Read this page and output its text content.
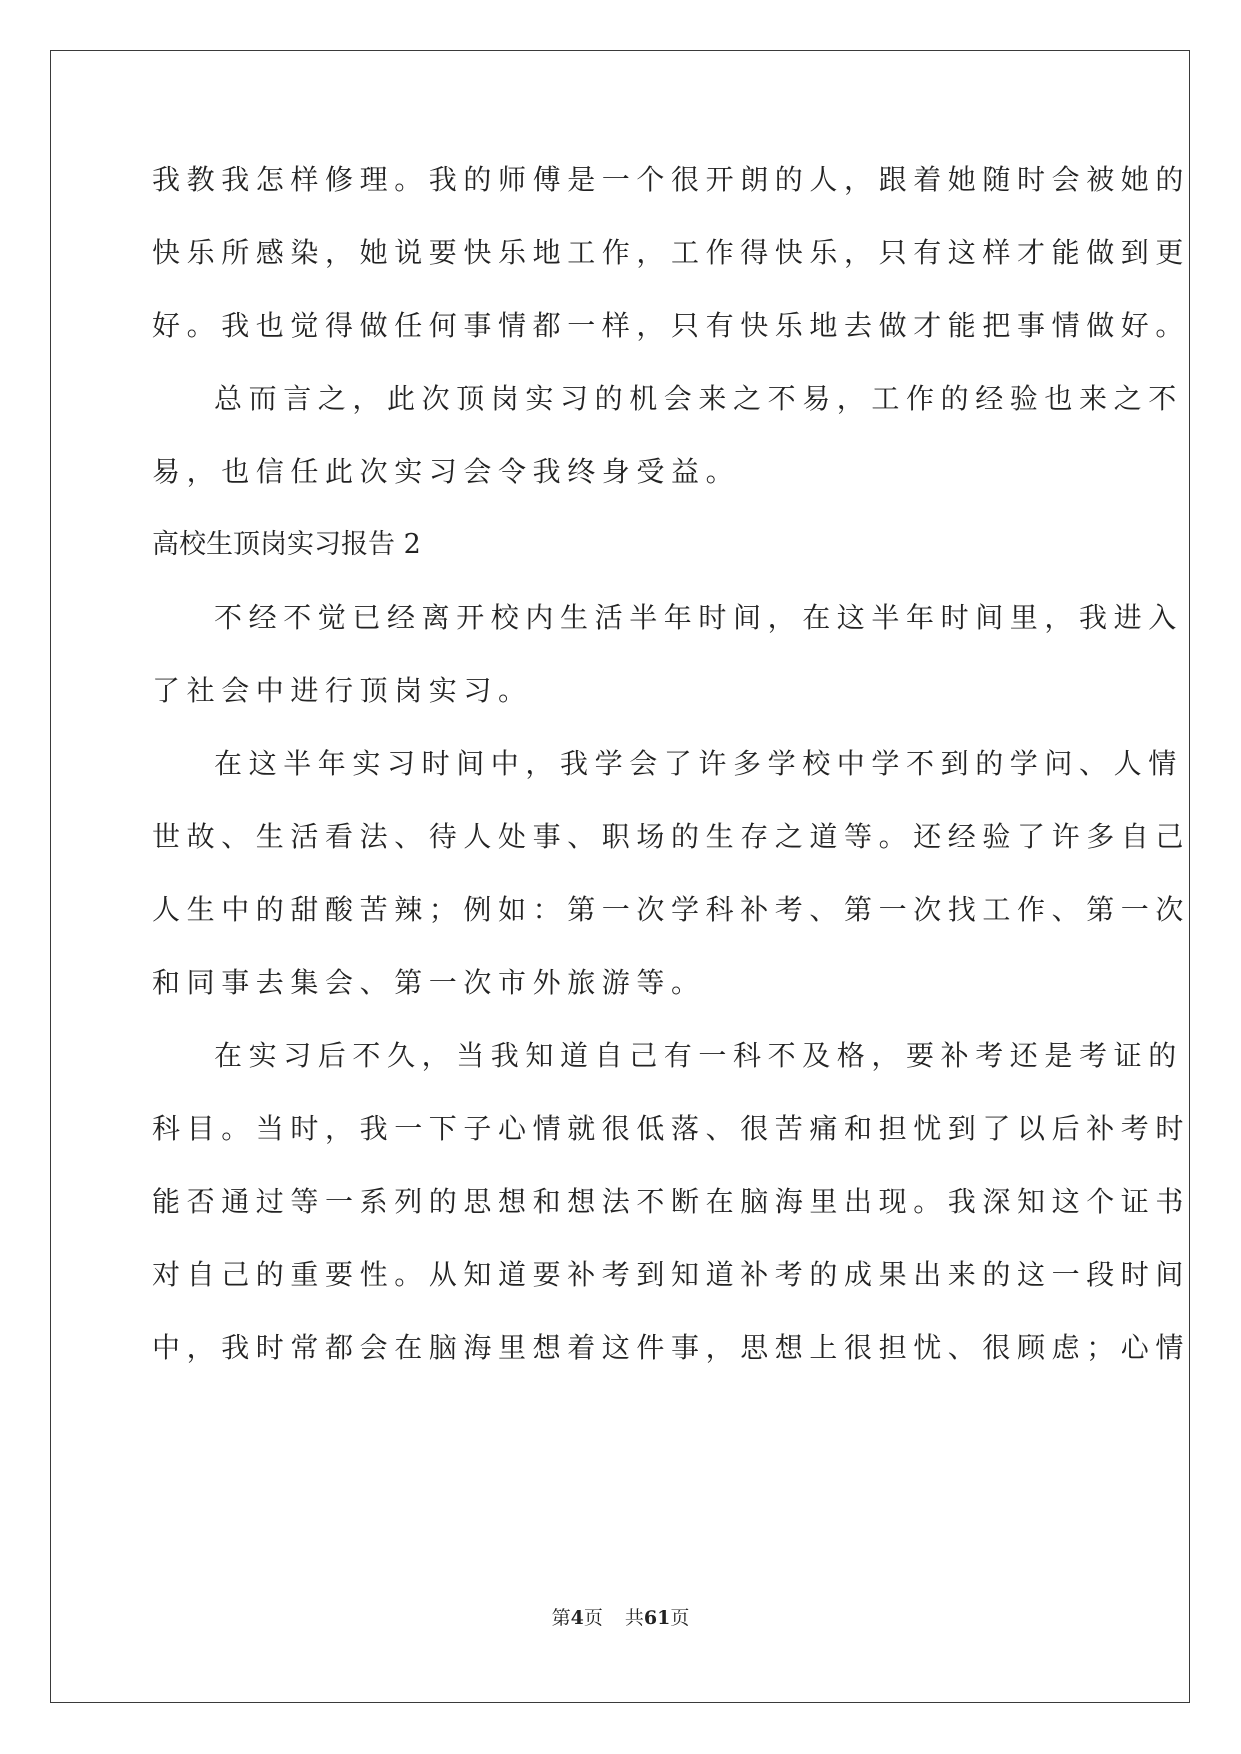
我教我怎样修理。我的师傅是一个很开朗的人，跟着她随时会被她的
快乐所感染，她说要快乐地工作，工作得快乐，只有这样才能做到更
好。我也觉得做任何事情都一样，只有快乐地去做才能把事情做好。
总而言之，此次顶岗实习的机会来之不易，工作的经验也来之不
易，也信任此次实习会令我终身受益。
高校生顶岗实习报告 2
不经不觉已经离开校内生活半年时间，在这半年时间里，我进入
了社会中进行顶岗实习。
在这半年实习时间中，我学会了许多学校中学不到的学问、人情
世故、生活看法、待人处事、职场的生存之道等。还经验了许多自己
人生中的甜酸苦辣；例如：第一次学科补考、第一次找工作、第一次
和同事去集会、第一次市外旅游等。
在实习后不久，当我知道自己有一科不及格，要补考还是考证的
科目。当时，我一下子心情就很低落、很苦痛和担忧到了以后补考时
能否通过等一系列的思想和想法不断在脑海里出现。我深知这个证书
对自己的重要性。从知道要补考到知道补考的成果出来的这一段时间
中，我时常都会在脑海里想着这件事，思想上很担忧、很顾虑；心情
第4页 共61页
